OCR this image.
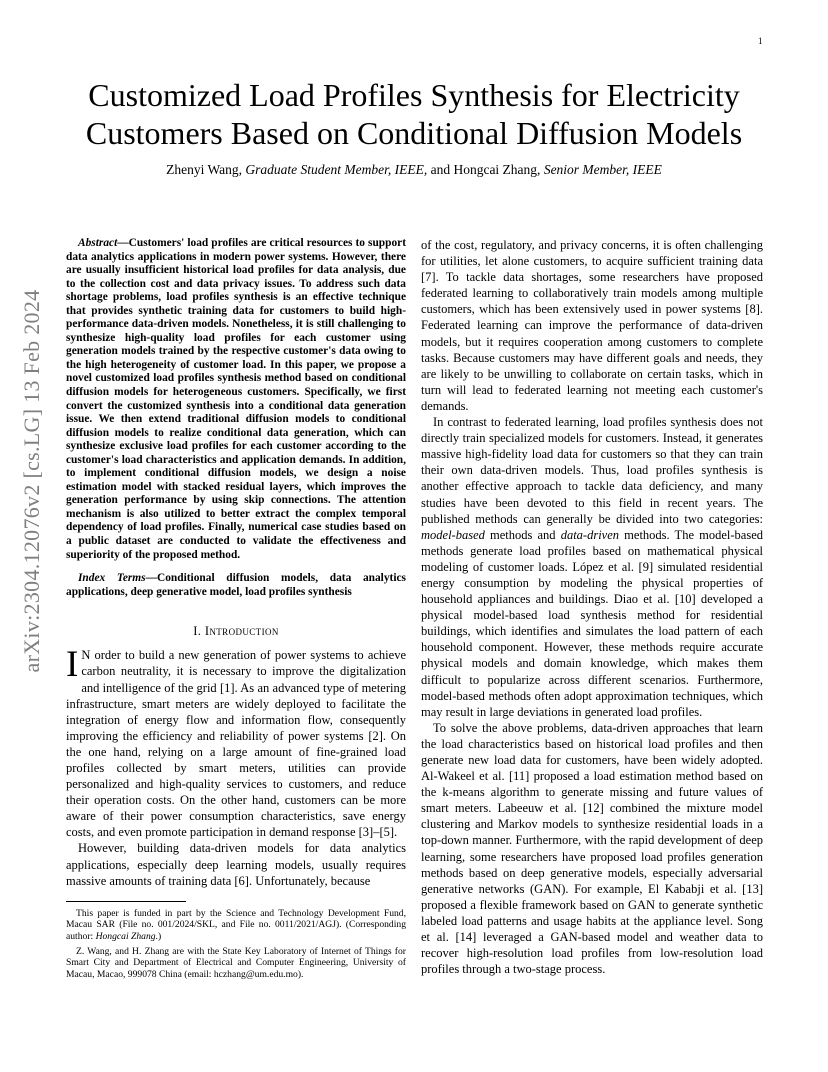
1
arXiv:2304.12076v2 [cs.LG] 13 Feb 2024
Customized Load Profiles Synthesis for Electricity Customers Based on Conditional Diffusion Models
Zhenyi Wang, Graduate Student Member, IEEE, and Hongcai Zhang, Senior Member, IEEE

Abstract—Customers' load profiles are critical resources to support data analytics applications in modern power systems. However, there are usually insufficient historical load profiles for data analysis, due to the collection cost and data privacy issues. To address such data shortage problems, load profiles synthesis is an effective technique that provides synthetic training data for customers to build high-performance data-driven models. Nonetheless, it is still challenging to synthesize high-quality load profiles for each customer using generation models trained by the respective customer's data owing to the high heterogeneity of customer load. In this paper, we propose a novel customized load profiles synthesis method based on conditional diffusion models for heterogeneous customers. Specifically, we first convert the customized synthesis into a conditional data generation issue. We then extend traditional diffusion models to conditional diffusion models to realize conditional data generation, which can synthesize exclusive load profiles for each customer according to the customer's load characteristics and application demands. In addition, to implement conditional diffusion models, we design a noise estimation model with stacked residual layers, which improves the generation performance by using skip connections. The attention mechanism is also utilized to better extract the complex temporal dependency of load profiles. Finally, numerical case studies based on a public dataset are conducted to validate the effectiveness and superiority of the proposed method.

Index Terms—Conditional diffusion models, data analytics applications, deep generative model, load profiles synthesis

I. Introduction

I N order to build a new generation of power systems to achieve carbon neutrality, it is necessary to improve the digitalization and intelligence of the grid [1]. As an advanced type of metering infrastructure, smart meters are widely deployed to facilitate the integration of energy flow and information flow, consequently improving the efficiency and reliability of power systems [2]. On the one hand, relying on a large amount of fine-grained load profiles collected by smart meters, utilities can provide personalized and high-quality services to customers, and reduce their operation costs. On the other hand, customers can be more aware of their power consumption characteristics, save energy costs, and even promote participation in demand response [3]–[5].

However, building data-driven models for data analytics applications, especially deep learning models, usually requires massive amounts of training data [6]. Unfortunately, because

This paper is funded in part by the Science and Technology Development Fund, Macau SAR (File no. 001/2024/SKL, and File no. 0011/2021/AGJ). (Corresponding author: Hongcai Zhang.)

Z. Wang, and H. Zhang are with the State Key Laboratory of Internet of Things for Smart City and Department of Electrical and Computer Engineering, University of Macau, Macao, 999078 China (email: hczhang@um.edu.mo).

of the cost, regulatory, and privacy concerns, it is often challenging for utilities, let alone customers, to acquire sufficient training data [7]. To tackle data shortages, some researchers have proposed federated learning to collaboratively train models among multiple customers, which has been extensively used in power systems [8]. Federated learning can improve the performance of data-driven models, but it requires cooperation among customers to complete tasks. Because customers may have different goals and needs, they are likely to be unwilling to collaborate on certain tasks, which in turn will lead to federated learning not meeting each customer's demands.

In contrast to federated learning, load profiles synthesis does not directly train specialized models for customers. Instead, it generates massive high-fidelity load data for customers so that they can train their own data-driven models. Thus, load profiles synthesis is another effective approach to tackle data deficiency, and many studies have been devoted to this field in recent years. The published methods can generally be divided into two categories: model-based methods and data-driven methods. The model-based methods generate load profiles based on mathematical physical modeling of customer loads. López et al. [9] simulated residential energy consumption by modeling the physical properties of household appliances and buildings. Diao et al. [10] developed a physical model-based load synthesis method for residential buildings, which identifies and simulates the load pattern of each household component. However, these methods require accurate physical models and domain knowledge, which makes them difficult to popularize across different scenarios. Furthermore, model-based methods often adopt approximation techniques, which may result in large deviations in generated load profiles.

To solve the above problems, data-driven approaches that learn the load characteristics based on historical load profiles and then generate new load data for customers, have been widely adopted. Al-Wakeel et al. [11] proposed a load estimation method based on the k-means algorithm to generate missing and future values of smart meters. Labeeuw et al. [12] combined the mixture model clustering and Markov models to synthesize residential loads in a top-down manner. Furthermore, with the rapid development of deep learning, some researchers have proposed load profiles generation methods based on deep generative models, especially adversarial generative networks (GAN). For example, El Kababji et al. [13] proposed a flexible framework based on GAN to generate synthetic labeled load patterns and usage habits at the appliance level. Song et al. [14] leveraged a GAN-based model and weather data to recover high-resolution load profiles from low-resolution load profiles through a two-stage process.
